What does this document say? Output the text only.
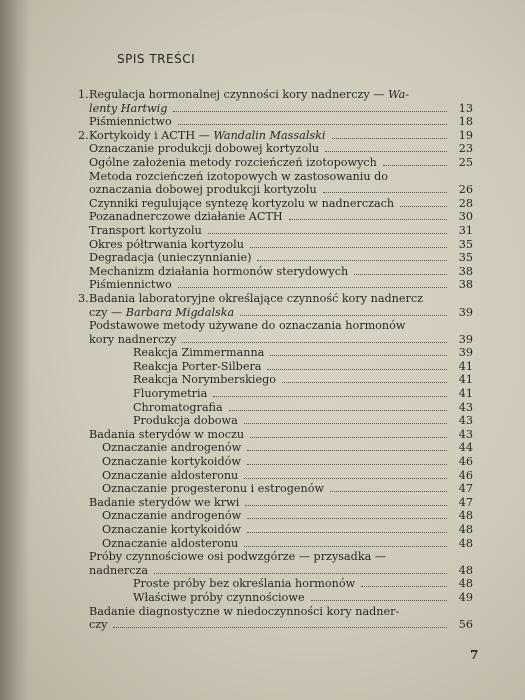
SPIS TREŚCI
1.Regulacja hormonalnej czynności kory nadnerczy — Wa-
lenty Hartwig	13
Piśmiennictwo	18
2.Kortykoidy i ACTH — Wandalin Massalski	19
Oznaczanie produkcji dobowej kortyzolu	23
Ogólne założenia metody rozcieńczeń izotopowych	25
Metoda rozcieńczeń izotopowych w zastosowaniu do
oznaczania dobowej produkcji kortyzolu	26
Czynniki regulujące syntezę kortyzolu w nadnerczach	28
Pozanadnerczowe działanie ACTH	30
Transport kortyzolu	31
Okres półtrwania kortyzolu	35
Degradacja (unieczynnianie)	35
Mechanizm działania hormonów sterydowych	38
Piśmiennictwo	38
3.Badania laboratoryjne określające czynność kory nadnercz
czy — Barbara Migdalska	39
Podstawowe metody używane do oznaczania hormonów
kory nadnerczy	39
Reakcja Zimmermanna	39
Reakcja Porter-Silbera	41
Reakcja Norymberskiego	41
Fluorymetria	41
Chromatografia	43
Produkcja dobowa	43
Badania sterydów w moczu	43
Oznaczanie androgenów	44
Oznaczanie kortykoidów	46
Oznaczanie aldosteronu	46
Oznaczanie progesteronu i estrogenów	47
Badanie sterydów we krwi	47
Oznaczanie androgenów	48
Oznaczanie kortykoidów	48
Oznaczanie aldosteronu	48
Próby czynnościowe osi podwzgórze — przysadka —
nadnercza	48
Proste próby bez określania hormonów	48
Właściwe próby czynnościowe	49
Badanie diagnostyczne w niedoczynności kory nadner-
czy	56
7
